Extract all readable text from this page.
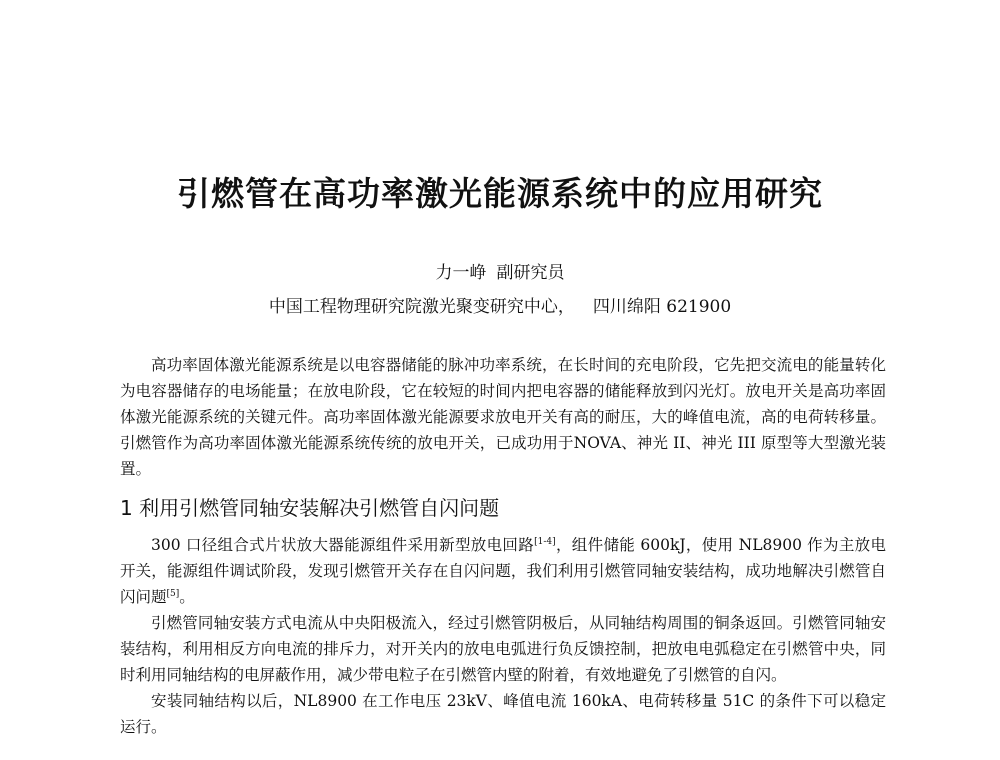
引燃管在高功率激光能源系统中的应用研究

力一峥 副研究员

中国工程物理研究院激光聚变研究中心， 四川绵阳 621900

高功率固体激光能源系统是以电容器储能的脉冲功率系统，在长时间的充电阶段，它先把交流电的能量转化为电容器储存的电场能量；在放电阶段，它在较短的时间内把电容器的储能释放到闪光灯。放电开关是高功率固体激光能源系统的关键元件。高功率固体激光能源要求放电开关有高的耐压，大的峰值电流，高的电荷转移量。引燃管作为高功率固体激光能源系统传统的放电开关，已成功用于NOVA、神光 II、神光 III 原型等大型激光装置。

1 利用引燃管同轴安装解决引燃管自闪问题

300 口径组合式片状放大器能源组件采用新型放电回路[1-4]，组件储能 600kJ，使用 NL8900 作为主放电开关，能源组件调试阶段，发现引燃管开关存在自闪问题，我们利用引燃管同轴安装结构，成功地解决引燃管自闪问题[5]。

引燃管同轴安装方式电流从中央阳极流入，经过引燃管阴极后，从同轴结构周围的铜条返回。引燃管同轴安装结构，利用相反方向电流的排斥力，对开关内的放电电弧进行负反馈控制，把放电电弧稳定在引燃管中央，同时利用同轴结构的电屏蔽作用，减少带电粒子在引燃管内壁的附着，有效地避免了引燃管的自闪。

安装同轴结构以后，NL8900 在工作电压 23kV、峰值电流 160kA、电荷转移量 51C 的条件下可以稳定运行。
